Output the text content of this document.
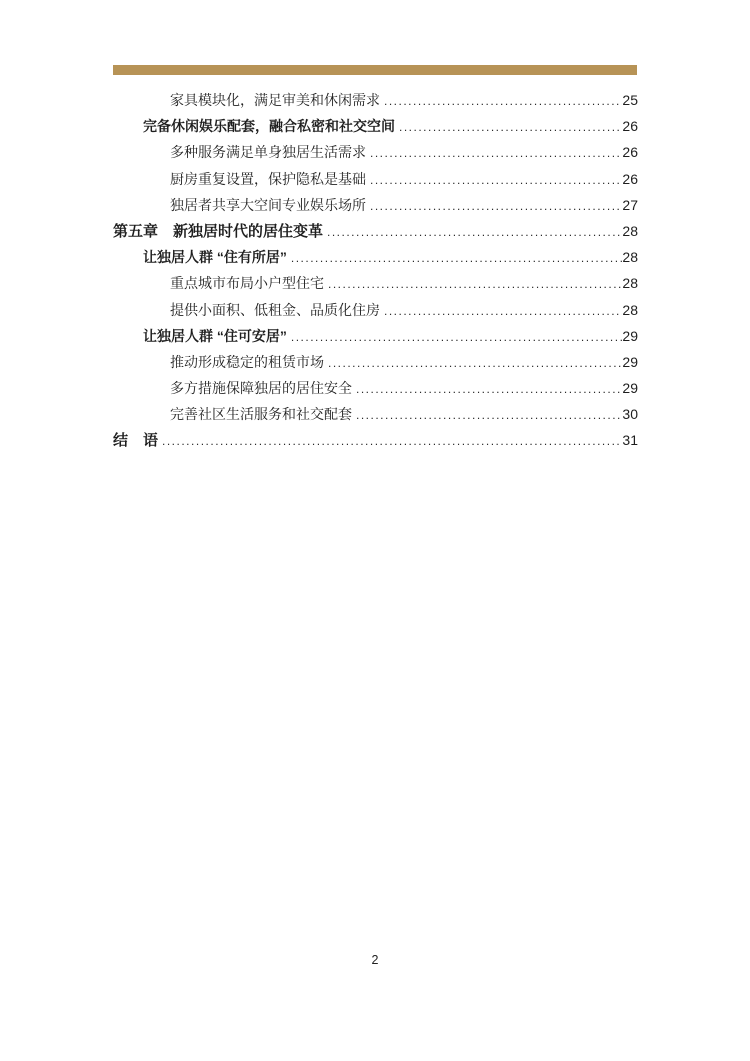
家具模块化，满足审美和休闲需求 .....	25
完备休闲娱乐配套，融合私密和社交空间 .....	26
多种服务满足单身独居生活需求 .....	26
厨房重复设置，保护隐私是基础 .....	26
独居者共享大空间专业娱乐场所 .....	27
第五章　新独居时代的居住变革 .....	28
让独居人群 “住有所居” .....	28
重点城市布局小户型住宅 .....	28
提供小面积、低租金、品质化住房 .....	28
让独居人群 “住可安居” .....	29
推动形成稳定的租赁市场 .....	29
多方措施保障独居的居住安全 .....	29
完善社区生活服务和社交配套 .....	30
结　语 .....	31
2
